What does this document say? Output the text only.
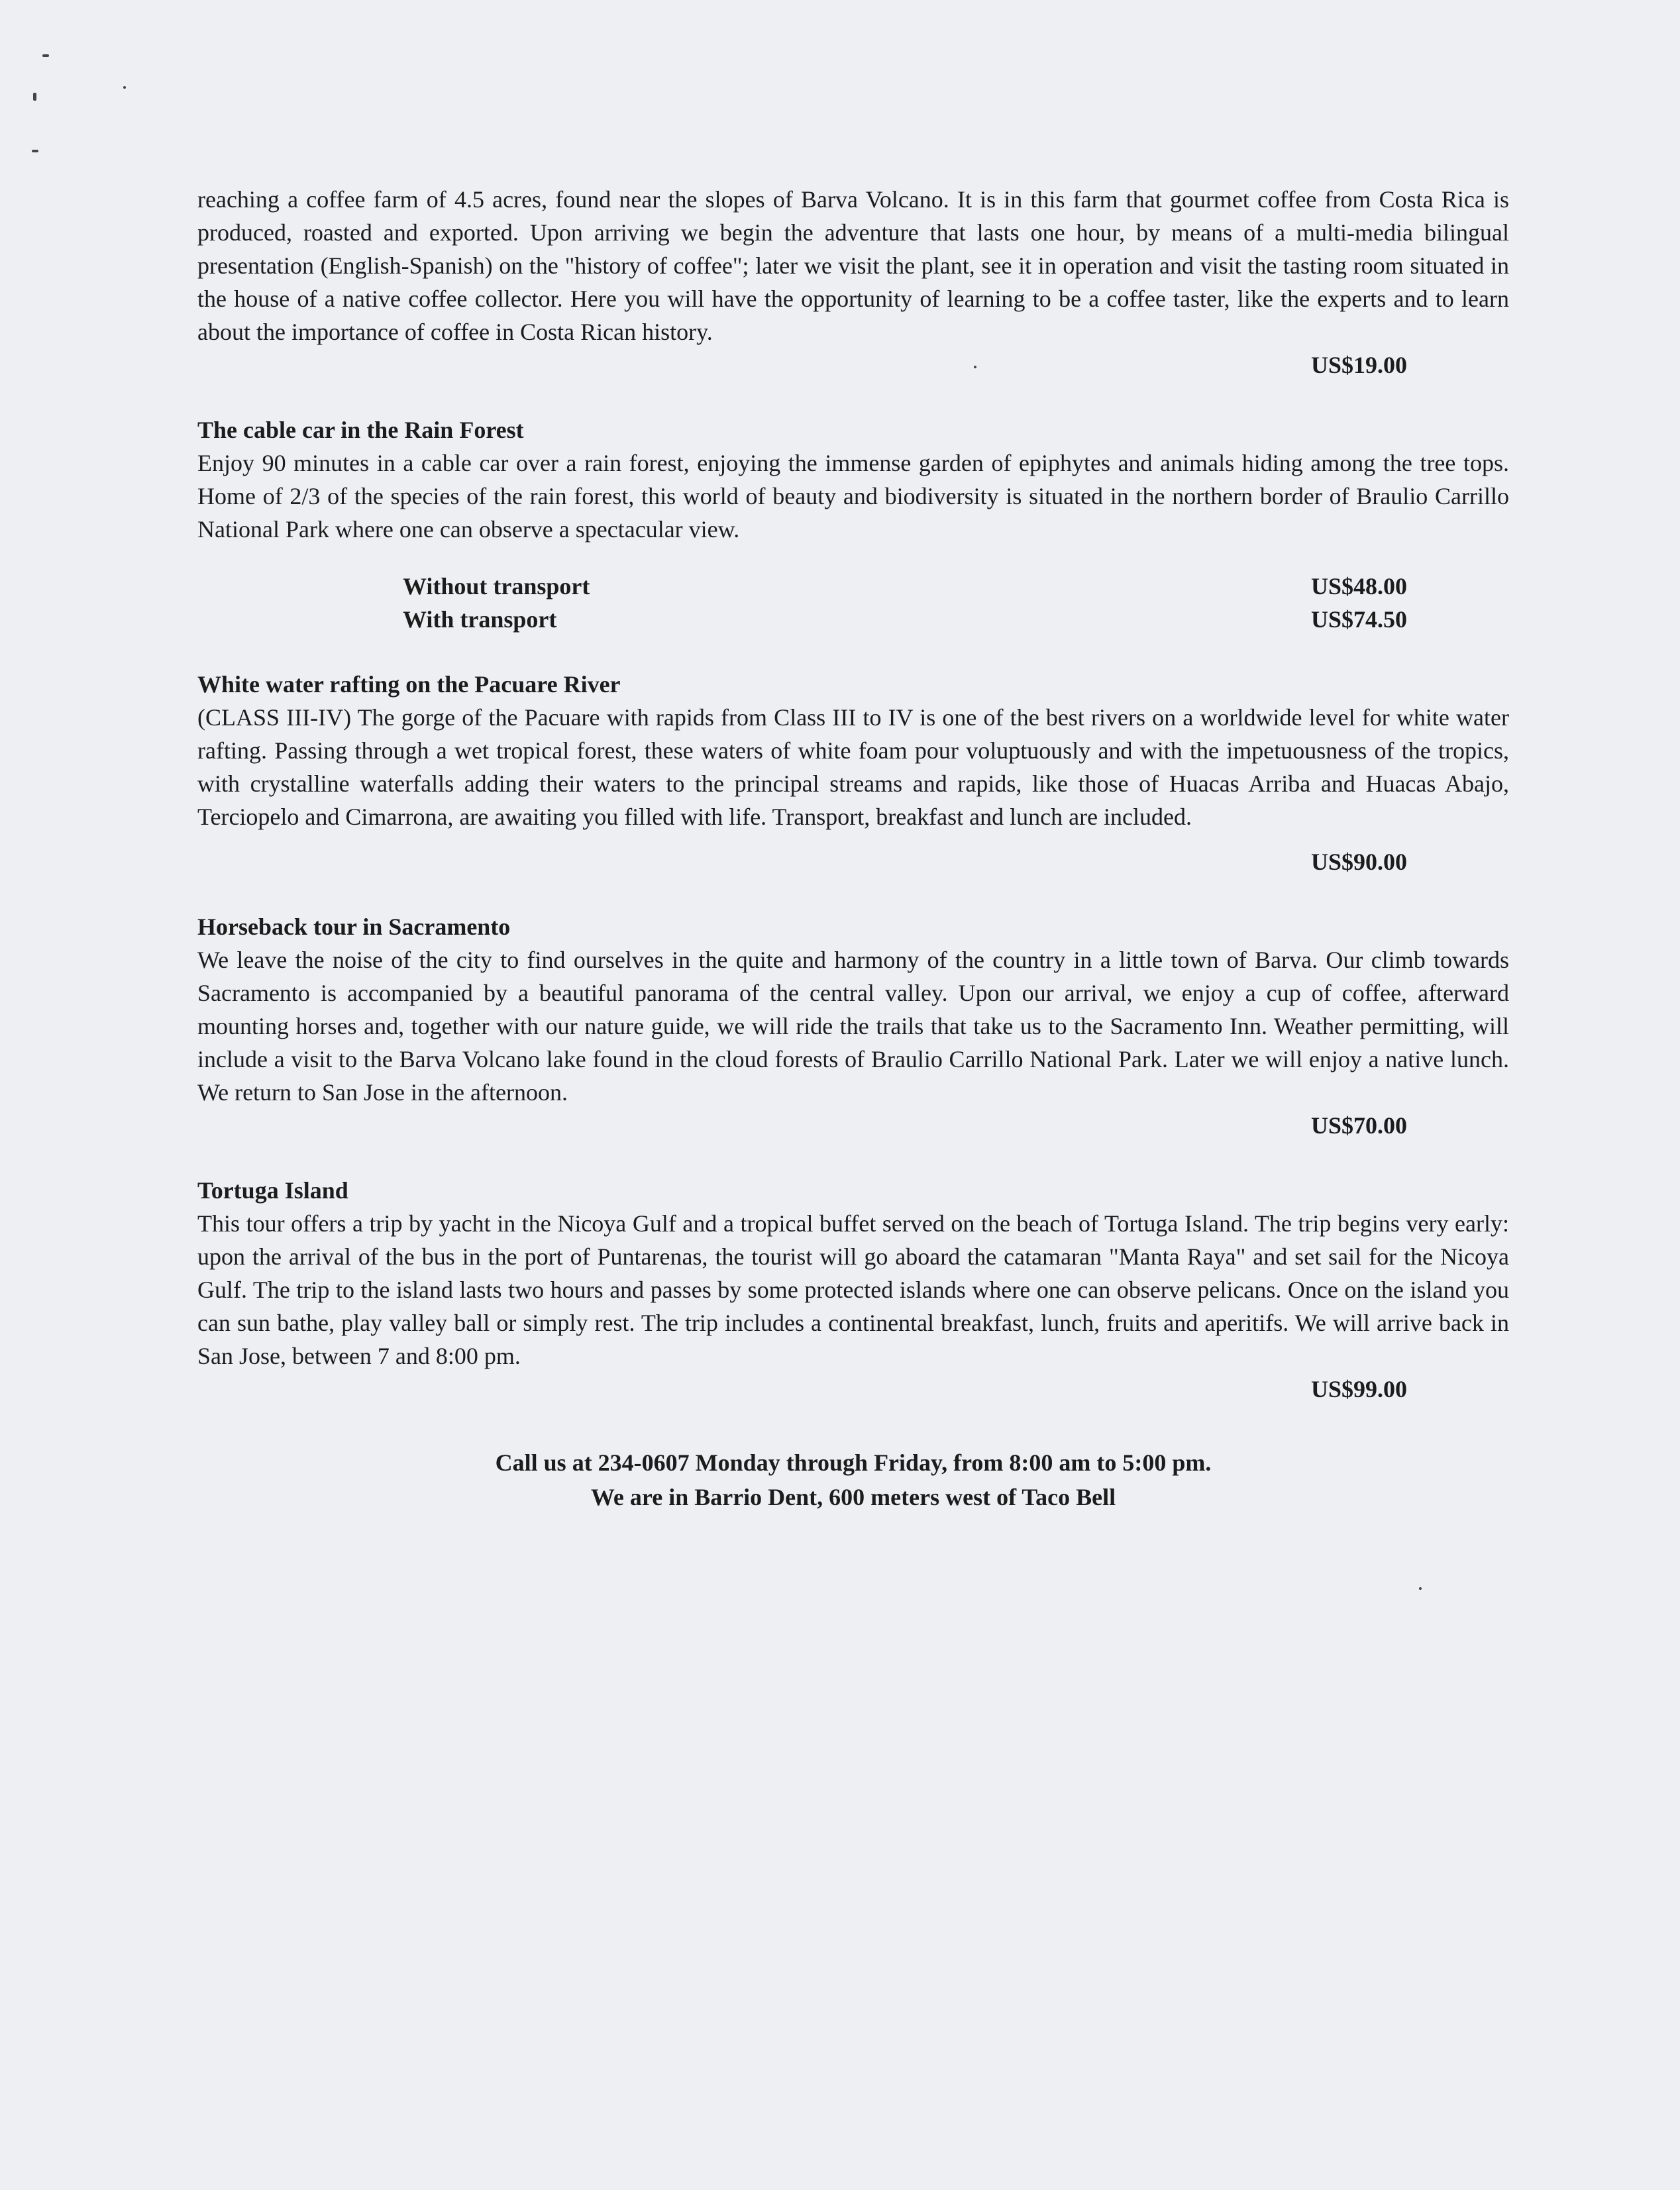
reaching a coffee farm of 4.5 acres, found near the slopes of Barva Volcano. It is in this farm that gourmet coffee from Costa Rica is produced, roasted and exported. Upon arriving we begin the adventure that lasts one hour, by means of a multi-media bilingual presentation (English-Spanish) on the "history of coffee"; later we visit the plant, see it in operation and visit the tasting room situated in the house of a native coffee collector. Here you will have the opportunity of learning to be a coffee taster, like the experts and to learn about the importance of coffee in Costa Rican history.

US$19.00

The cable car in the Rain Forest

Enjoy 90 minutes in a cable car over a rain forest, enjoying the immense garden of epiphytes and animals hiding among the tree tops. Home of 2/3 of the species of the rain forest, this world of beauty and biodiversity is situated in the northern border of Braulio Carrillo National Park where one can observe a spectacular view.

Without transport	US$48.00
With transport	US$74.50

White water rafting on the Pacuare River

(CLASS III-IV) The gorge of the Pacuare with rapids from Class III to IV is one of the best rivers on a worldwide level for white water rafting. Passing through a wet tropical forest, these waters of white foam pour voluptuously and with the impetuousness of the tropics, with crystalline waterfalls adding their waters to the principal streams and rapids, like those of Huacas Arriba and Huacas Abajo, Terciopelo and Cimarrona, are awaiting you filled with life. Transport, breakfast and lunch are included.

US$90.00

Horseback tour in Sacramento

We leave the noise of the city to find ourselves in the quite and harmony of the country in a little town of Barva. Our climb towards Sacramento is accompanied by a beautiful panorama of the central valley. Upon our arrival, we enjoy a cup of coffee, afterward mounting horses and, together with our nature guide, we will ride the trails that take us to the Sacramento Inn. Weather permitting, will include a visit to the Barva Volcano lake found in the cloud forests of Braulio Carrillo National Park. Later we will enjoy a native lunch. We return to San Jose in the afternoon.

US$70.00

Tortuga Island

This tour offers a trip by yacht in the Nicoya Gulf and a tropical buffet served on the beach of Tortuga Island. The trip begins very early: upon the arrival of the bus in the port of Puntarenas, the tourist will go aboard the catamaran "Manta Raya" and set sail for the Nicoya Gulf. The trip to the island lasts two hours and passes by some protected islands where one can observe pelicans. Once on the island you can sun bathe, play valley ball or simply rest. The trip includes a continental breakfast, lunch, fruits and aperitifs. We will arrive back in San Jose, between 7 and 8:00 pm.

US$99.00

Call us at 234-0607 Monday through Friday, from 8:00 am to 5:00 pm.
We are in Barrio Dent, 600 meters west of Taco Bell
